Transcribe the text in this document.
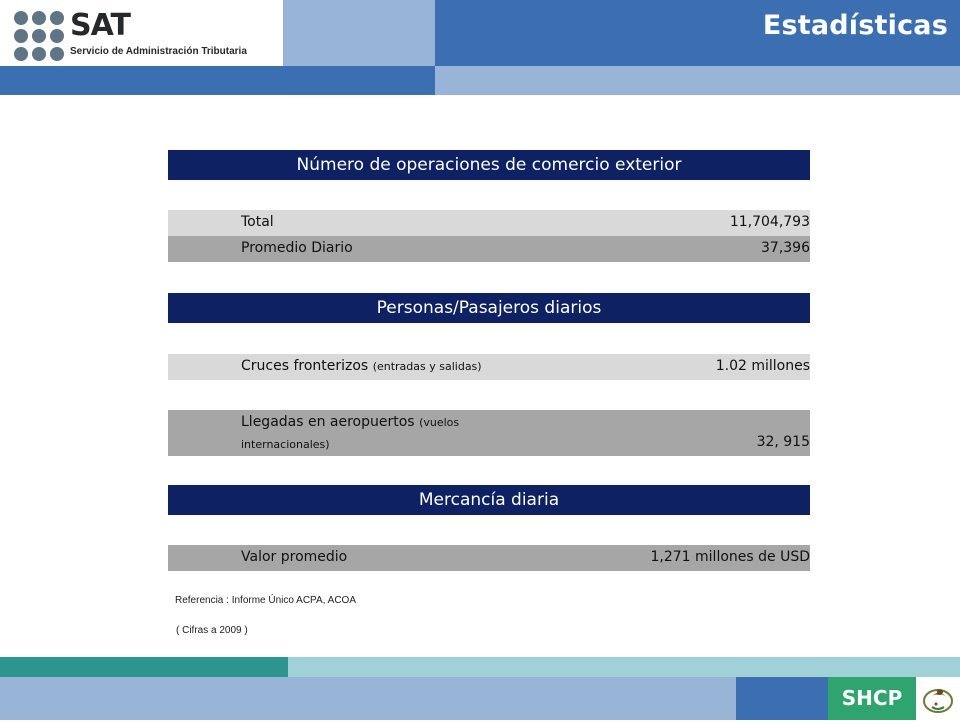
SAT
Servicio de Administración Tributaria
Estadísticas
Número de operaciones de comercio exterior
Total	11,704,793
Promedio Diario	37,396
Personas/Pasajeros diarios
Cruces fronterizos (entradas y salidas)	1.02 millones
Llegadas en aeropuertos (vuelos
internacionales)	32, 915
Mercancía diaria
Valor promedio	1,271 millones de USD
Referencia : Informe Único ACPA, ACOA
( Cifras a 2009 )
SHCP
